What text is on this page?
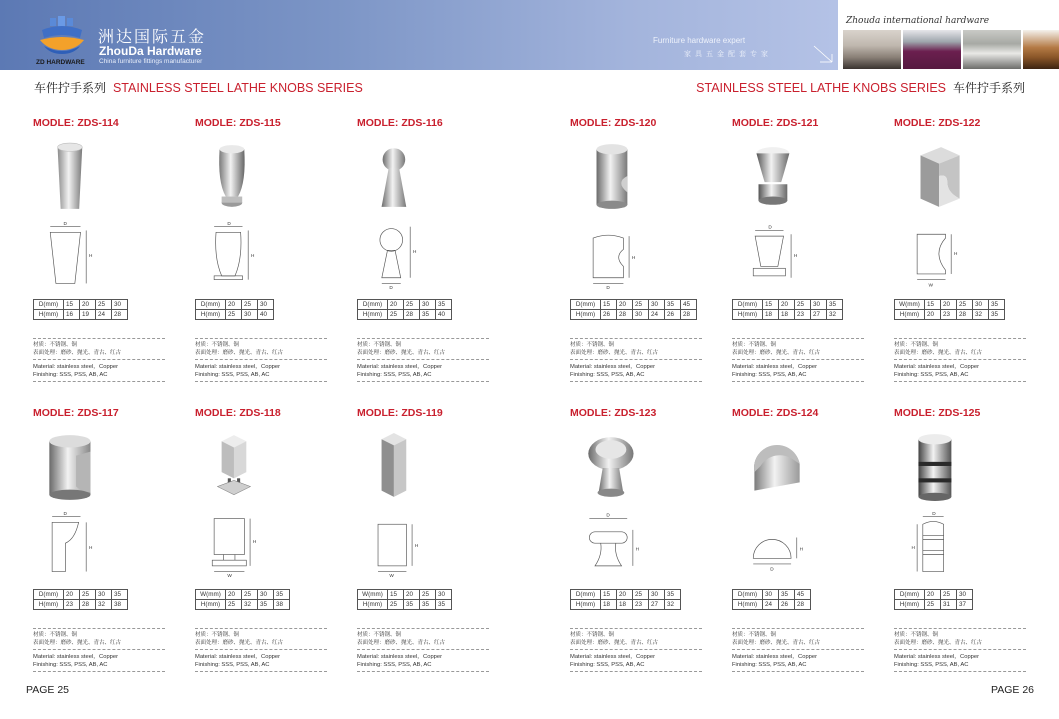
ZD HARDWARE
洲达国际五金
ZhouDa Hardware
China furniture fittings manufacturer
Furniture hardware expert
家具五金配套专家
Zhouda international hardware
车件拧手系列 STAINLESS STEEL LATHE KNOBS SERIES	STAINLESS STEEL LATHE KNOBS SERIES 车件拧手系列
MODLE: ZDS-114
D
H
D(mm)	15	20	25	30
H(mm)	16	19	24	28
材质：不锈钢、铜
表面处理：磨砂、抛光、青古、红古
Material: stainless steel，Copper
Finishing: SSS, PSS, AB, AC
MODLE: ZDS-115
D
H
D(mm)	20	25	30
H(mm)	25	30	40
材质：不锈钢、铜
表面处理：磨砂、抛光、青古、红古
Material: stainless steel，Copper
Finishing: SSS, PSS, AB, AC
MODLE: ZDS-116
H
D
D(mm)	20	25	30	35
H(mm)	25	28	35	40
材质：不锈钢、铜
表面处理：磨砂、抛光、青古、红古
Material: stainless steel，Copper
Finishing: SSS, PSS, AB, AC
MODLE: ZDS-120
H
D
D(mm)	15	20	25	30	35	45
H(mm)	26	28	30	24	26	28
材质：不锈钢、铜
表面处理：磨砂、抛光、青古、红古
Material: stainless steel，Copper
Finishing: SSS, PSS, AB, AC
MODLE: ZDS-121
D
H
D(mm)	15	20	25	30	35
H(mm)	18	18	23	27	32
材质：不锈钢、铜
表面处理：磨砂、抛光、青古、红古
Material: stainless steel，Copper
Finishing: SSS, PSS, AB, AC
MODLE: ZDS-122
H
W
W(mm)	15	20	25	30	35
H(mm)	20	23	28	32	35
材质：不锈钢、铜
表面处理：磨砂、抛光、青古、红古
Material: stainless steel，Copper
Finishing: SSS, PSS, AB, AC
MODLE: ZDS-117
D
H
D(mm)	20	25	30	35
H(mm)	23	28	32	38
材质：不锈钢、铜
表面处理：磨砂、抛光、青古、红古
Material: stainless steel，Copper
Finishing: SSS, PSS, AB, AC
MODLE: ZDS-118
H
W
W(mm)	20	25	30	35
H(mm)	25	32	35	38
材质：不锈钢、铜
表面处理：磨砂、抛光、青古、红古
Material: stainless steel，Copper
Finishing: SSS, PSS, AB, AC
MODLE: ZDS-119
H
W
W(mm)	15	20	25	30
H(mm)	25	35	35	35
材质：不锈钢、铜
表面处理：磨砂、抛光、青古、红古
Material: stainless steel，Copper
Finishing: SSS, PSS, AB, AC
MODLE: ZDS-123
D
H
D(mm)	15	20	25	30	35
H(mm)	18	18	23	27	32
材质：不锈钢、铜
表面处理：磨砂、抛光、青古、红古
Material: stainless steel，Copper
Finishing: SSS, PSS, AB, AC
MODLE: ZDS-124
H
D
D(mm)	30	35	45
H(mm)	24	26	28
材质：不锈钢、铜
表面处理：磨砂、抛光、青古、红古
Material: stainless steel，Copper
Finishing: SSS, PSS, AB, AC
MODLE: ZDS-125
D
H
D(mm)	20	25	30
H(mm)	25	31	37
材质：不锈钢、铜
表面处理：磨砂、抛光、青古、红古
Material: stainless steel，Copper
Finishing: SSS, PSS, AB, AC
PAGE 25	PAGE 26
